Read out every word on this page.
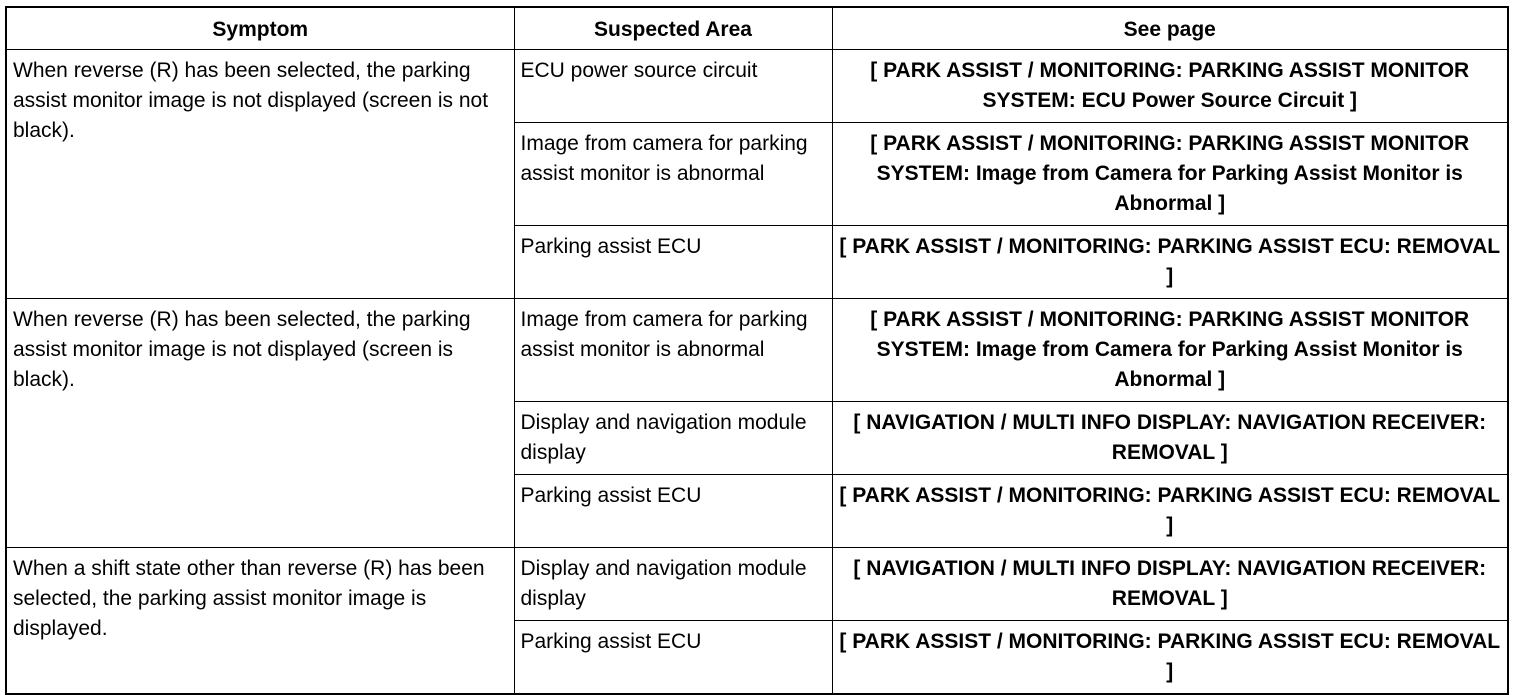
Symptom	Suspected Area	See page
When reverse (R) has been selected, the parking assist monitor image is not displayed (screen is not black).	ECU power source circuit	[ PARK ASSIST / MONITORING: PARKING ASSIST MONITOR SYSTEM: ECU Power Source Circuit ]
	Image from camera for parking assist monitor is abnormal	[ PARK ASSIST / MONITORING: PARKING ASSIST MONITOR SYSTEM: Image from Camera for Parking Assist Monitor is Abnormal ]
	Parking assist ECU	[ PARK ASSIST / MONITORING: PARKING ASSIST ECU: REMOVAL ]
When reverse (R) has been selected, the parking assist monitor image is not displayed (screen is black).	Image from camera for parking assist monitor is abnormal	[ PARK ASSIST / MONITORING: PARKING ASSIST MONITOR SYSTEM: Image from Camera for Parking Assist Monitor is Abnormal ]
	Display and navigation module display	[ NAVIGATION / MULTI INFO DISPLAY: NAVIGATION RECEIVER: REMOVAL ]
	Parking assist ECU	[ PARK ASSIST / MONITORING: PARKING ASSIST ECU: REMOVAL ]
When a shift state other than reverse (R) has been selected, the parking assist monitor image is displayed.	Display and navigation module display	[ NAVIGATION / MULTI INFO DISPLAY: NAVIGATION RECEIVER: REMOVAL ]
	Parking assist ECU	[ PARK ASSIST / MONITORING: PARKING ASSIST ECU: REMOVAL ]
